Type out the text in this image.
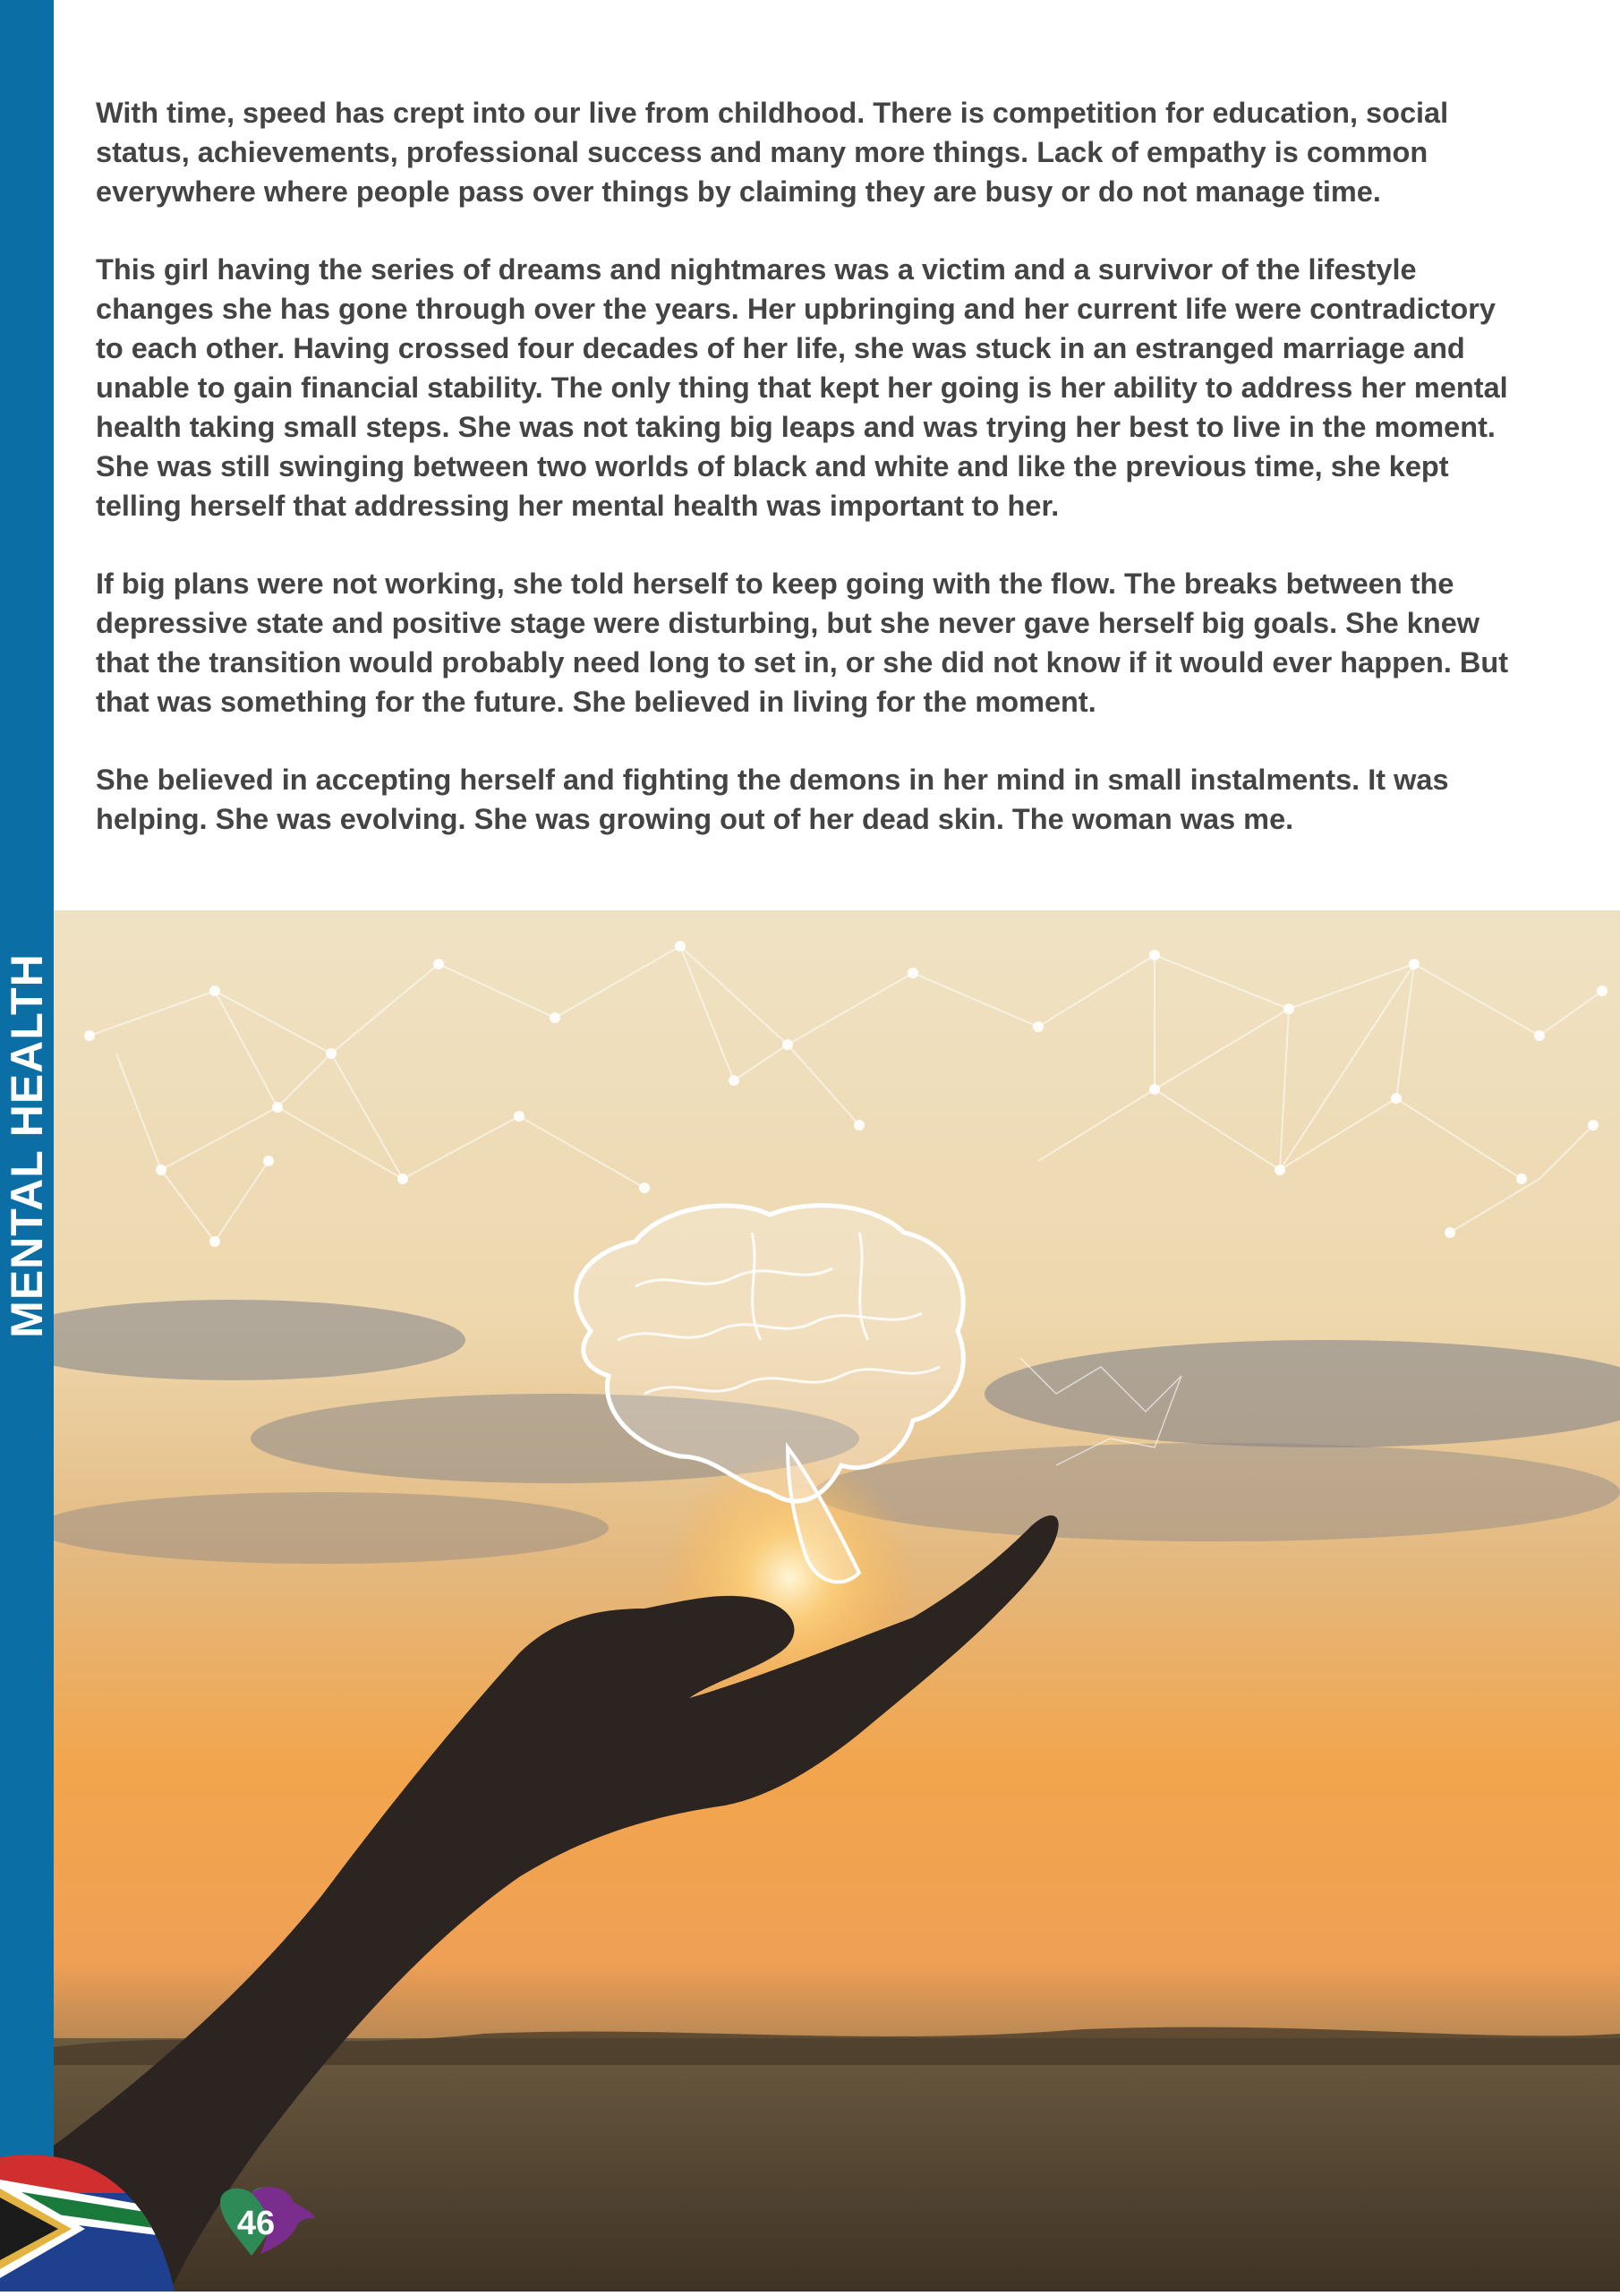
MENTAL HEALTH

With time, speed has crept into our live from childhood. There is competition for education, social status, achievements, professional success and many more things. Lack of empathy is common everywhere where people pass over things by claiming they are busy or do not manage time.

This girl having the series of dreams and nightmares was a victim and a survivor of the lifestyle changes she has gone through over the years. Her upbringing and her current life were contradictory to each other. Having crossed four decades of her life, she was stuck in an estranged marriage and unable to gain financial stability. The only thing that kept her going is her ability to address her mental health taking small steps. She was not taking big leaps and was trying her best to live in the moment. She was still swinging between two worlds of black and white and like the previous time, she kept telling herself that addressing her mental health was important to her.

If big plans were not working, she told herself to keep going with the flow. The breaks between the depressive state and positive stage were disturbing, but she never gave herself big goals. She knew that the transition would probably need long to set in, or she did not know if it would ever happen. But that was something for the future. She believed in living for the moment.

She believed in accepting herself and fighting the demons in her mind in small instalments. It was helping. She was evolving. She was growing out of her dead skin. The woman was me.

46
